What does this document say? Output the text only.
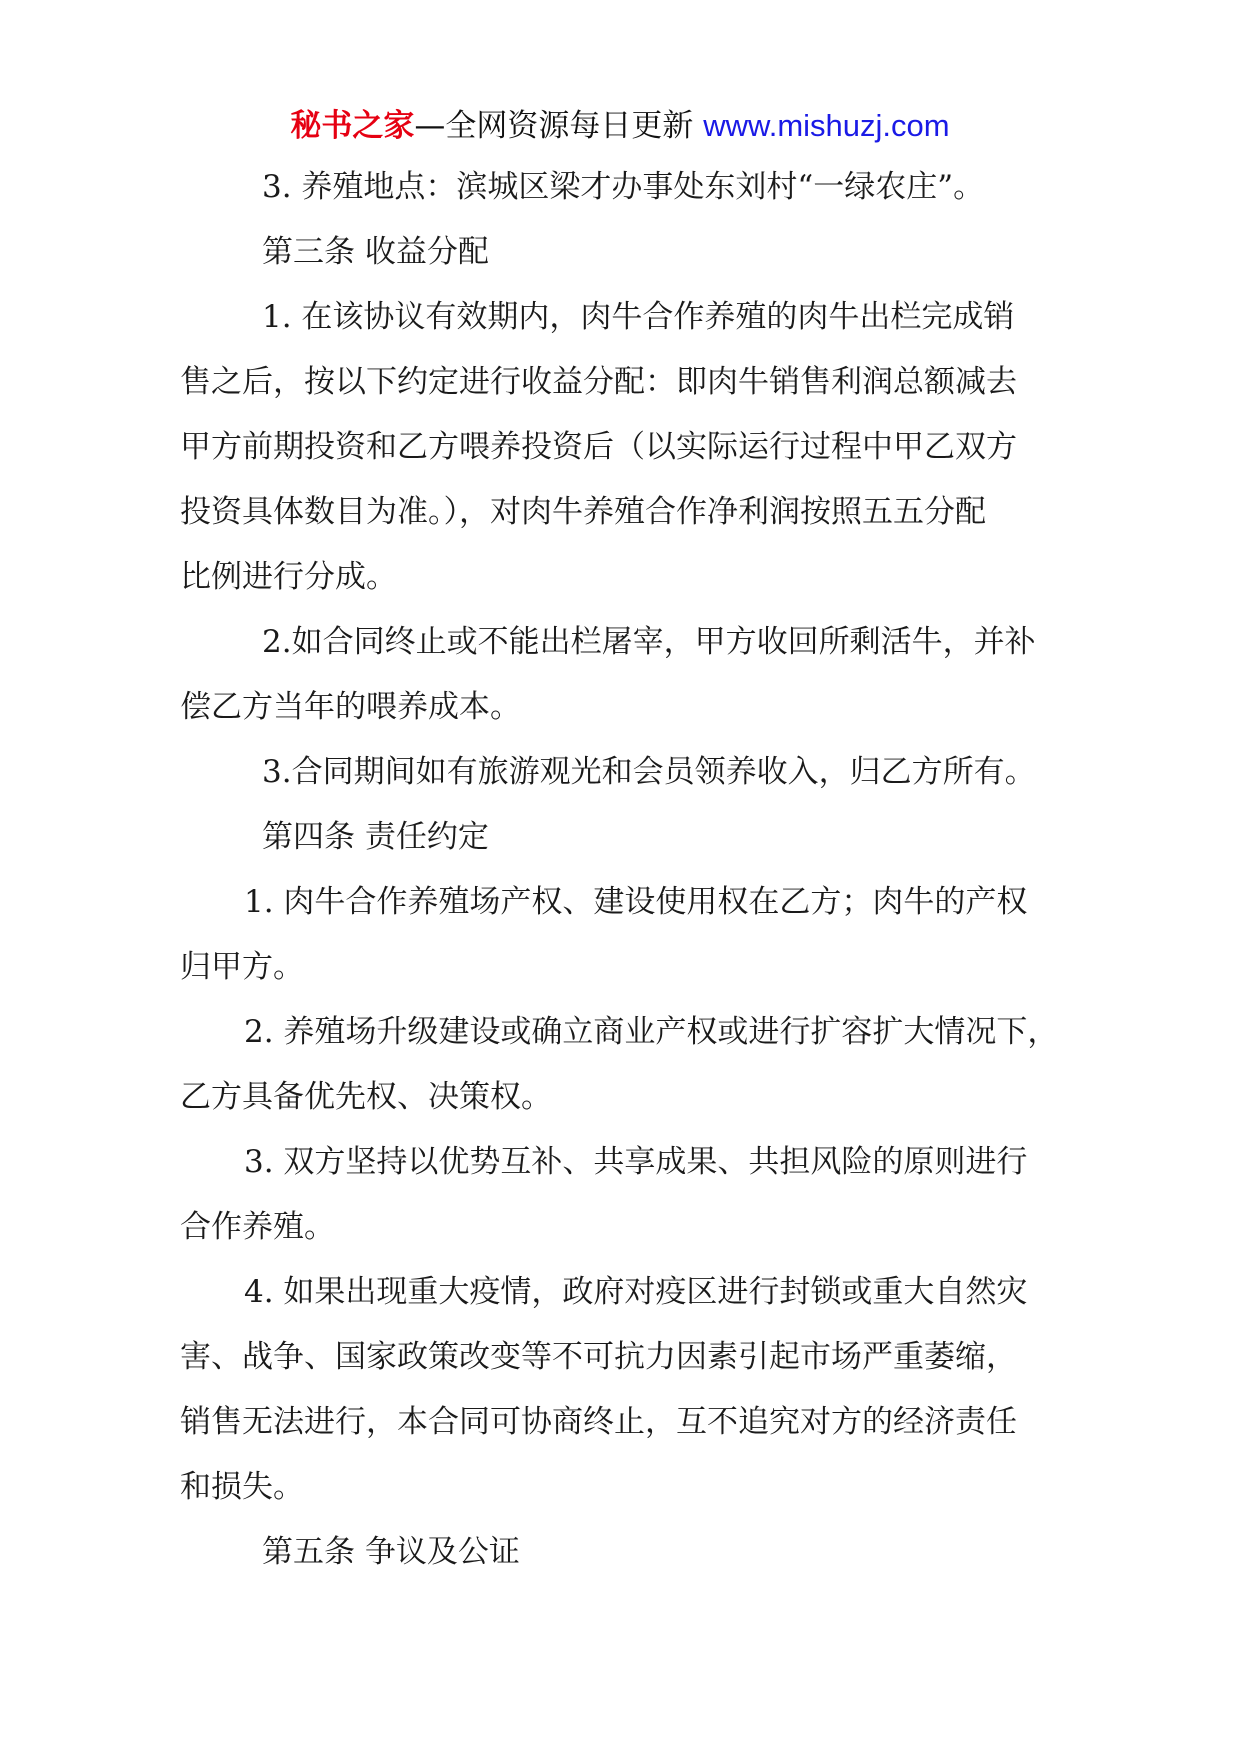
秘书之家—全网资源每日更新 www.mishuzj.com
3. 养殖地点：滨城区梁才办事处东刘村“一绿农庄”。
第三条 收益分配
1. 在该协议有效期内，肉牛合作养殖的肉牛出栏完成销
售之后，按以下约定进行收益分配：即肉牛销售利润总额减去
甲方前期投资和乙方喂养投资后（以实际运行过程中甲乙双方
投资具体数目为准。），对肉牛养殖合作净利润按照五五分配
比例进行分成。
2.如合同终止或不能出栏屠宰，甲方收回所剩活牛，并补
偿乙方当年的喂养成本。
3.合同期间如有旅游观光和会员领养收入，归乙方所有。
第四条 责任约定
1. 肉牛合作养殖场产权、建设使用权在乙方；肉牛的产权
归甲方。
2. 养殖场升级建设或确立商业产权或进行扩容扩大情况下，
乙方具备优先权、决策权。
3. 双方坚持以优势互补、共享成果、共担风险的原则进行
合作养殖。
4. 如果出现重大疫情，政府对疫区进行封锁或重大自然灾
害、战争、国家政策改变等不可抗力因素引起市场严重萎缩，
销售无法进行，本合同可协商终止，互不追究对方的经济责任
和损失。
第五条 争议及公证
